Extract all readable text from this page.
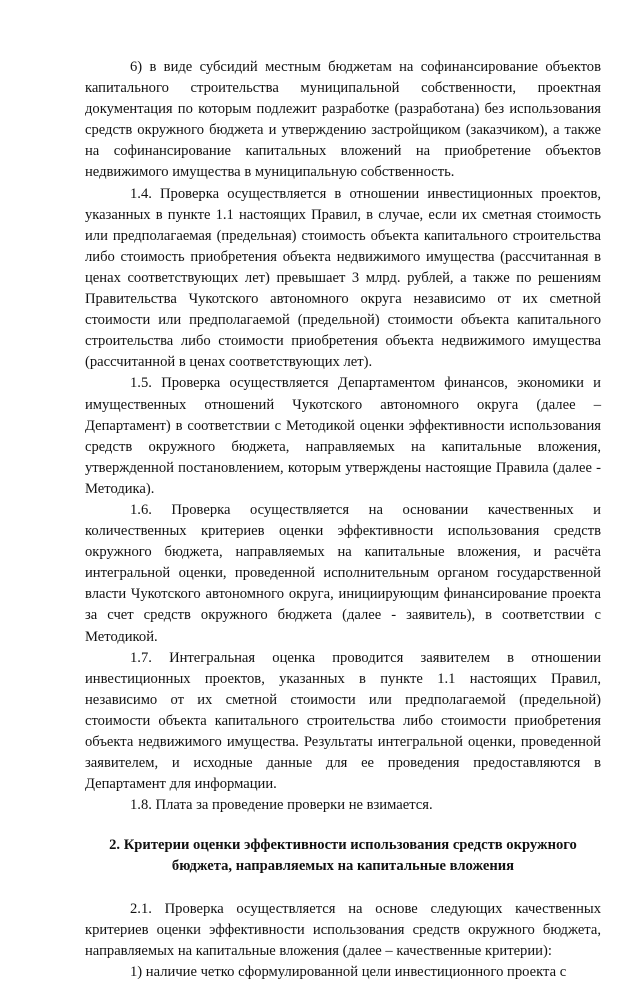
6) в виде субсидий местным бюджетам на софинансирование объектов капитального строительства муниципальной собственности, проектная документация по которым подлежит разработке (разработана) без использования средств окружного бюджета и утверждению застройщиком (заказчиком), а также на софинансирование капитальных вложений на приобретение объектов недвижимого имущества в муниципальную собственность.

1.4. Проверка осуществляется в отношении инвестиционных проектов, указанных в пункте 1.1 настоящих Правил, в случае, если их сметная стоимость или предполагаемая (предельная) стоимость объекта капитального строительства либо стоимость приобретения объекта недвижимого имущества (рассчитанная в ценах соответствующих лет) превышает 3 млрд. рублей, а также по решениям Правительства Чукотского автономного округа независимо от их сметной стоимости или предполагаемой (предельной) стоимости объекта капитального строительства либо стоимости приобретения объекта недвижимого имущества (рассчитанной в ценах соответствующих лет).

1.5. Проверка осуществляется Департаментом финансов, экономики и имущественных отношений Чукотского автономного округа (далее – Департамент) в соответствии с Методикой оценки эффективности использования средств окружного бюджета, направляемых на капитальные вложения, утвержденной постановлением, которым утверждены настоящие Правила (далее - Методика).

1.6. Проверка осуществляется на основании качественных и количественных критериев оценки эффективности использования средств окружного бюджета, направляемых на капитальные вложения, и расчёта интегральной оценки, проведенной исполнительным органом государственной власти Чукотского автономного округа, инициирующим финансирование проекта за счет средств окружного бюджета (далее - заявитель), в соответствии с Методикой.

1.7. Интегральная оценка проводится заявителем в отношении инвестиционных проектов, указанных в пункте 1.1 настоящих Правил, независимо от их сметной стоимости или предполагаемой (предельной) стоимости объекта капитального строительства либо стоимости приобретения объекта недвижимого имущества. Результаты интегральной оценки, проведенной заявителем, и исходные данные для ее проведения предоставляются в Департамент для информации.

1.8. Плата за проведение проверки не взимается.

2. Критерии оценки эффективности использования средств окружного
бюджета, направляемых на капитальные вложения

2.1. Проверка осуществляется на основе следующих качественных критериев оценки эффективности использования средств окружного бюджета, направляемых на капитальные вложения (далее – качественные критерии):

1) наличие четко сформулированной цели инвестиционного проекта с
